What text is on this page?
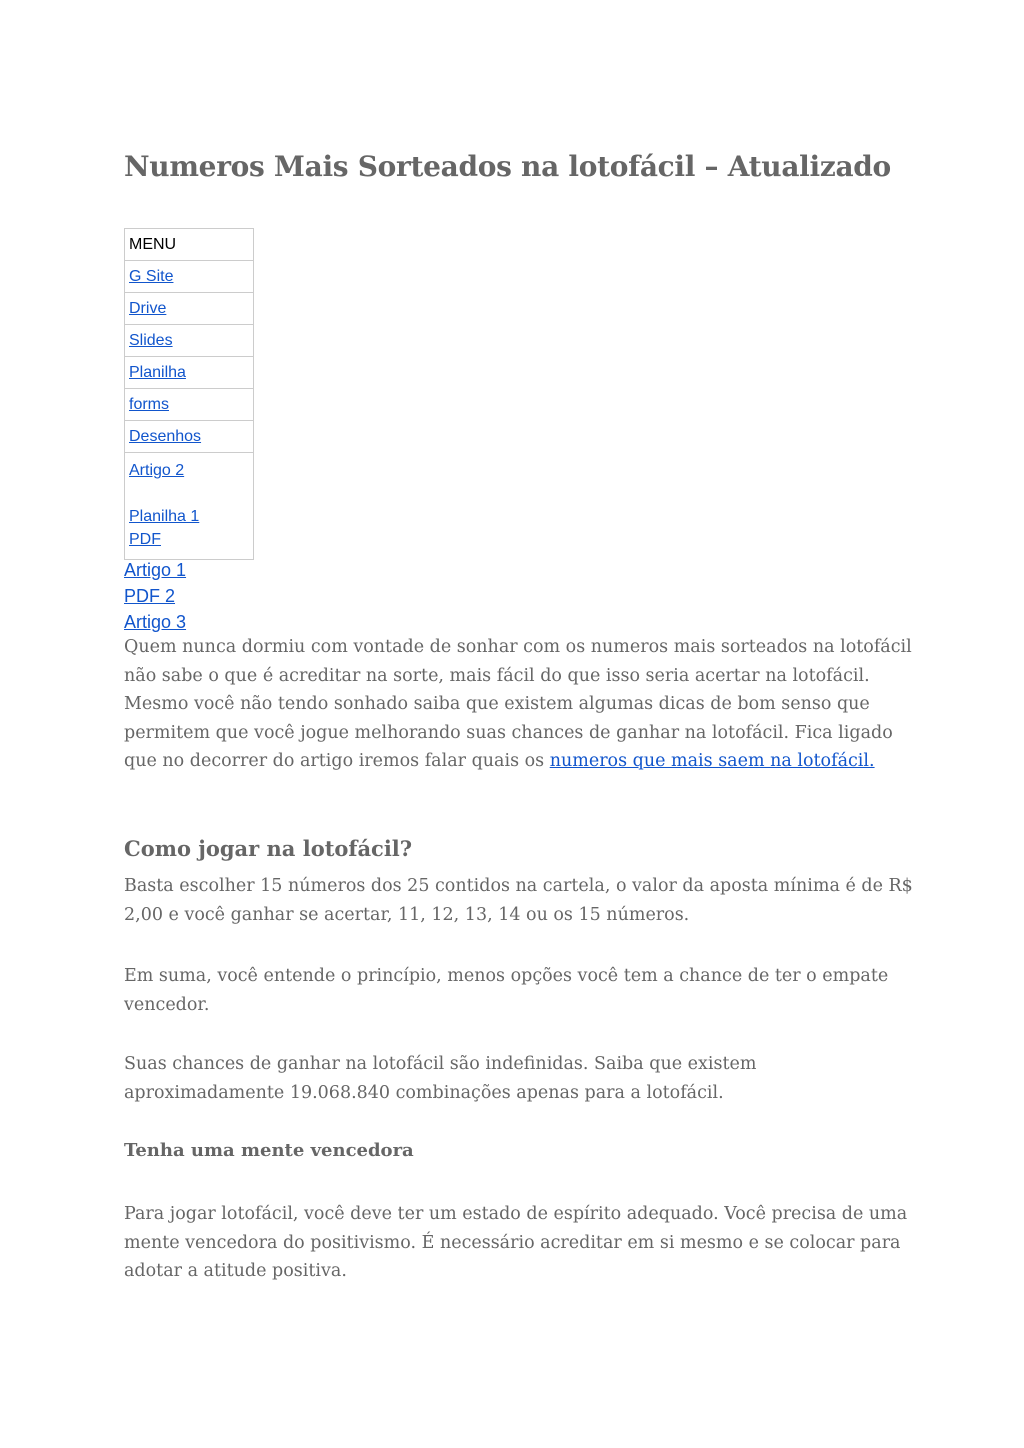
Numeros Mais Sorteados na lotofácil – Atualizado
MENU
G Site
Drive
Slides
Planilha
forms
Desenhos
Artigo 2
Planilha 1
PDF
Artigo 1
PDF 2
Artigo 3

Quem nunca dormiu com vontade de sonhar com os numeros mais sorteados na lotofácil não sabe o que é acreditar na sorte, mais fácil do que isso seria acertar na lotofácil. Mesmo você não tendo sonhado saiba que existem algumas dicas de bom senso que permitem que você jogue melhorando suas chances de ganhar na lotofácil. Fica ligado que no decorrer do artigo iremos falar quais os numeros que mais saem na lotofácil.

Como jogar na lotofácil?

Basta escolher 15 números dos 25 contidos na cartela, o valor da aposta mínima é de R$ 2,00 e você ganhar se acertar, 11, 12, 13, 14 ou os 15 números.

Em suma, você entende o princípio, menos opções você tem a chance de ter o empate vencedor.

Suas chances de ganhar na lotofácil são indefinidas. Saiba que existem aproximadamente 19.068.840 combinações apenas para a lotofácil.

Tenha uma mente vencedora

Para jogar lotofácil, você deve ter um estado de espírito adequado. Você precisa de uma mente vencedora do positivismo. É necessário acreditar em si mesmo e se colocar para adotar a atitude positiva.
